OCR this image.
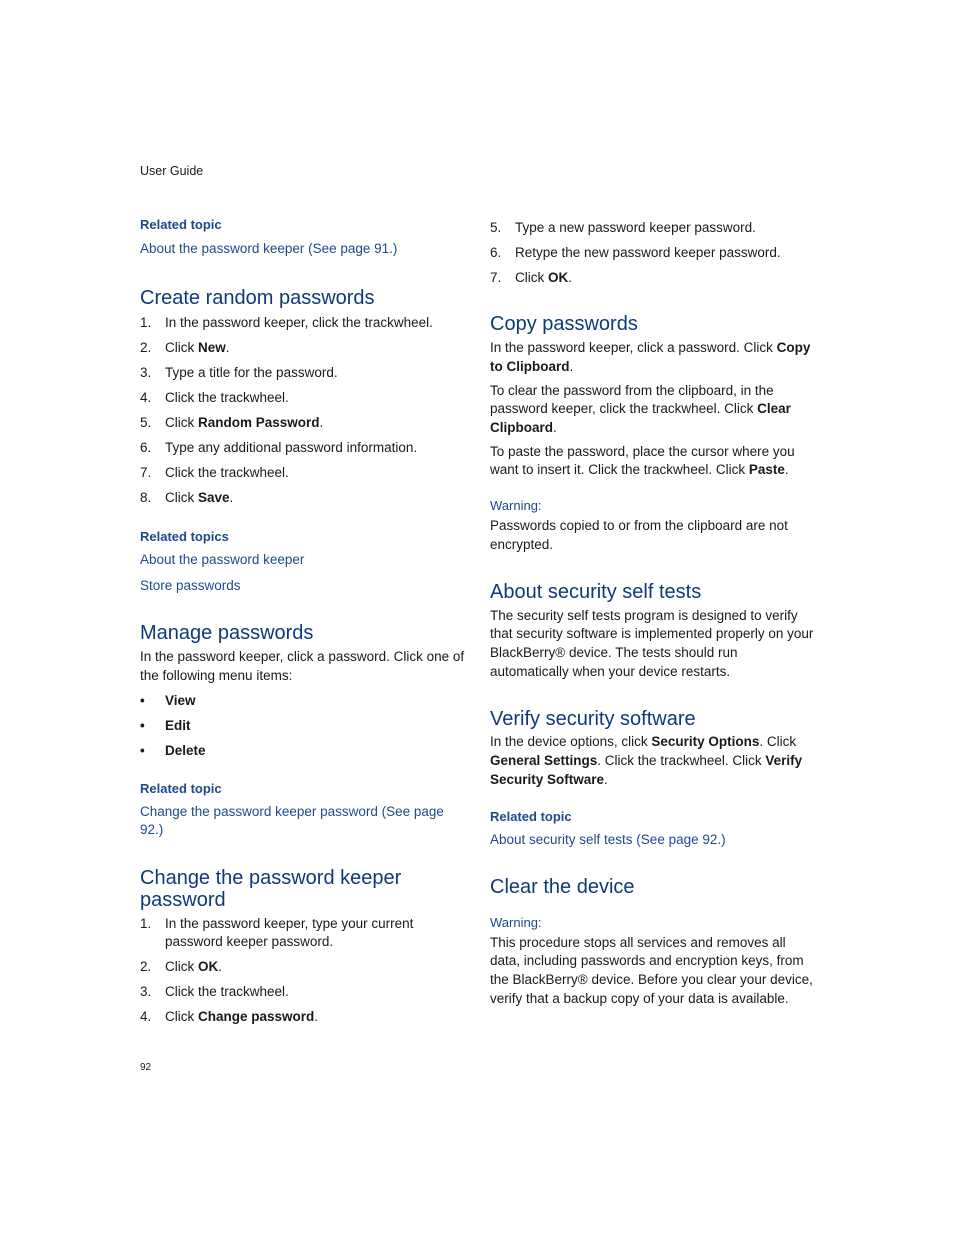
User Guide
Related topic
About the password keeper (See page 91.)
Create random passwords
1.	In the password keeper, click the trackwheel.
2.	Click New.
3.	Type a title for the password.
4.	Click the trackwheel.
5.	Click Random Password.
6.	Type any additional password information.
7.	Click the trackwheel.
8.	Click Save.
Related topics
About the password keeper
Store passwords
Manage passwords

In the password keeper, click a password. Click one of the following menu items:

•	View
•	Edit
•	Delete
Related topic
Change the password keeper password (See page 92.)
Change the password keeper password
1.	In the password keeper, type your current password keeper password.
2.	Click OK.
3.	Click the trackwheel.
4.	Click Change password.
5.	Type a new password keeper password.
6.	Retype the new password keeper password.
7.	Click OK.
Copy passwords

In the password keeper, click a password. Click Copy to Clipboard.

To clear the password from the clipboard, in the password keeper, click the trackwheel. Click Clear Clipboard.

To paste the password, place the cursor where you want to insert it. Click the trackwheel. Click Paste.

Warning:

Passwords copied to or from the clipboard are not encrypted.

About security self tests

The security self tests program is designed to verify that security software is implemented properly on your BlackBerry® device. The tests should run automatically when your device restarts.

Verify security software

In the device options, click Security Options. Click General Settings. Click the trackwheel. Click Verify Security Software.

Related topic
About security self tests (See page 92.)
Clear the device
Warning:

This procedure stops all services and removes all data, including passwords and encryption keys, from the BlackBerry® device. Before you clear your device, verify that a backup copy of your data is available.

92
